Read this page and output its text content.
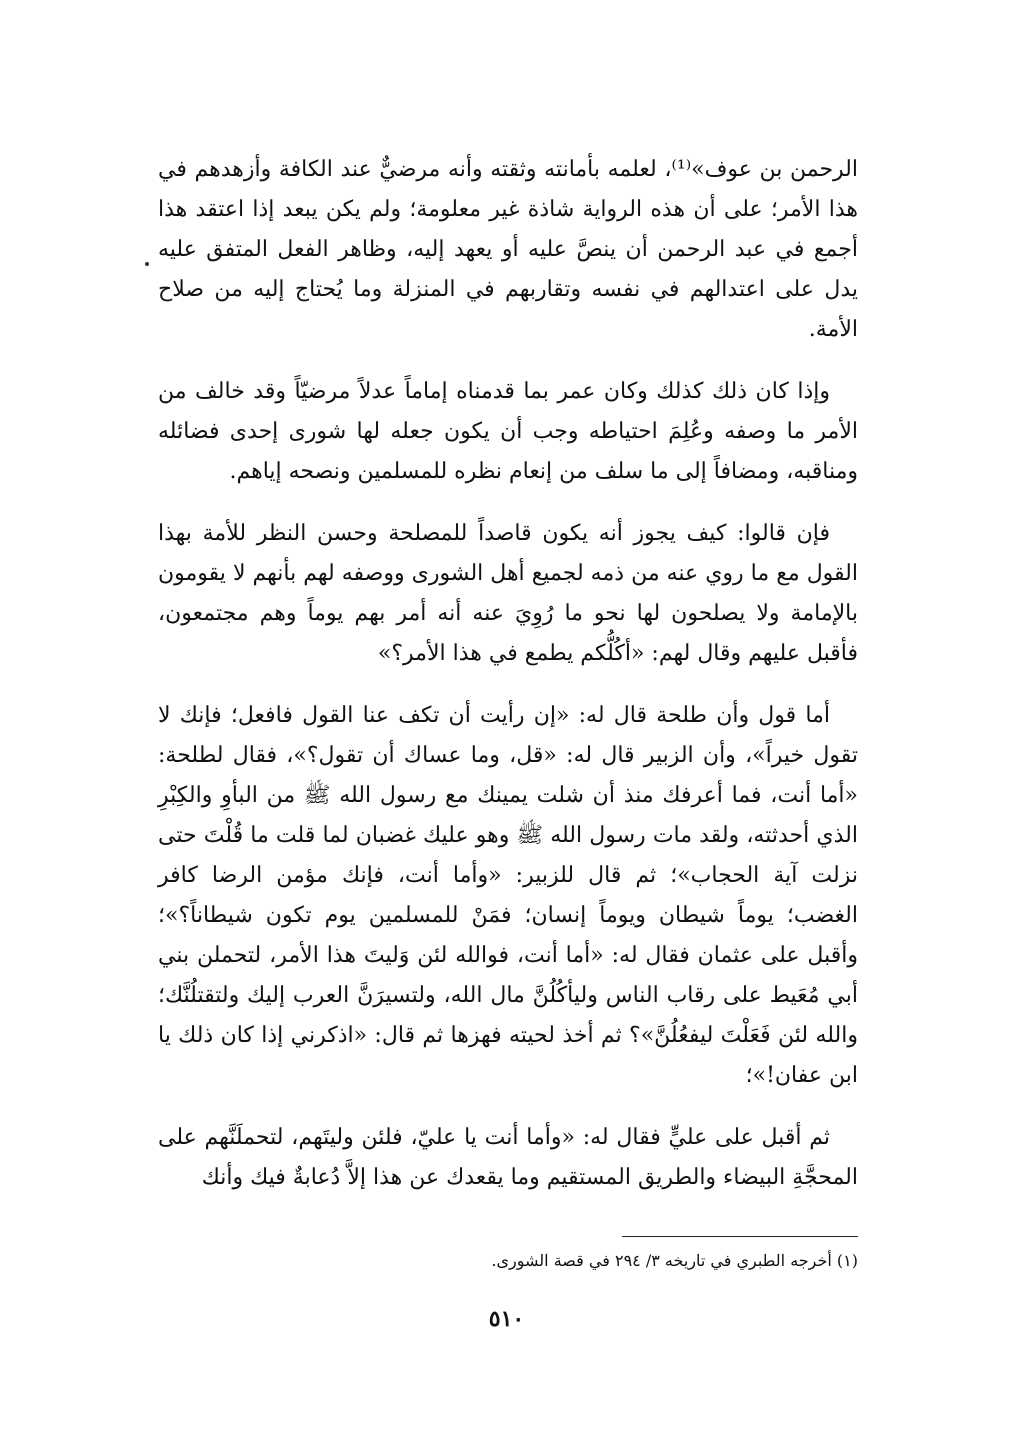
الرحمن بن عوف»⁽¹⁾، لعلمه بأمانته وثقته وأنه مرضيٌّ عند الكافة وأزهدهم في هذا الأمر؛ على أن هذه الرواية شاذة غير معلومة؛ ولم يكن يبعد إذا اعتقد هذا أجمع في عبد الرحمن أن ينصَّ عليه أو يعهد إليه، وظاهر الفعل المتفق عليه يدل على اعتدالهم في نفسه وتقاربهم في المنزلة وما يُحتاج إليه من صلاح الأمة.

وإذا كان ذلك كذلك وكان عمر بما قدمناه إماماً عدلاً مرضيّاً وقد خالف من الأمر ما وصفه وعُلِمَ احتياطه وجب أن يكون جعله لها شورى إحدى فضائله ومناقبه، ومضافاً إلى ما سلف من إنعام نظره للمسلمين ونصحه إياهم.

فإن قالوا: كيف يجوز أنه يكون قاصداً للمصلحة وحسن النظر للأمة بهذا القول مع ما روي عنه من ذمه لجميع أهل الشورى ووصفه لهم بأنهم لا يقومون بالإمامة ولا يصلحون لها نحو ما رُوِيَ عنه أنه أمر بهم يوماً وهم مجتمعون، فأقبل عليهم وقال لهم: «أكُلُّكم يطمع في هذا الأمر؟»

أما قول وأن طلحة قال له: «إن رأيت أن تكف عنا القول فافعل؛ فإنك لا تقول خيراً»، وأن الزبير قال له: «قل، وما عساك أن تقول؟»، فقال لطلحة: «أما أنت، فما أعرفك منذ أن شلت يمينك مع رسول الله ﷺ من البأوِ والكِبْرِ الذي أحدثته، ولقد مات رسول الله ﷺ وهو عليك غضبان لما قلت ما قُلْتَ حتى نزلت آية الحجاب»؛ ثم قال للزبير: «وأما أنت، فإنك مؤمن الرضا كافر الغضب؛ يوماً شيطان ويوماً إنسان؛ فمَنْ للمسلمين يوم تكون شيطاناً؟»؛ وأقبل على عثمان فقال له: «أما أنت، فوالله لئن وَليتَ هذا الأمر، لتحملن بني أبي مُعَيط على رقاب الناس وليأكُلُنَّ مال الله، ولتسيرَنَّ العرب إليك ولتقتلُنَّك؛ والله لئن فَعَلْتَ ليفعُلُنَّ»؟ ثم أخذ لحيته فهزها ثم قال: «اذكرني إذا كان ذلك يا ابن عفان!»؛

ثم أقبل على عليٍّ فقال له: «وأما أنت يا عليّ، فلئن وليتَهم، لتحملَنَّهم على المحجَّةِ البيضاء والطريق المستقيم وما يقعدك عن هذا إلاَّ دُعابةٌ فيك وأنك

(١) أخرجه الطبري في تاريخه ٣/ ٢٩٤ في قصة الشورى.
٥١٠
